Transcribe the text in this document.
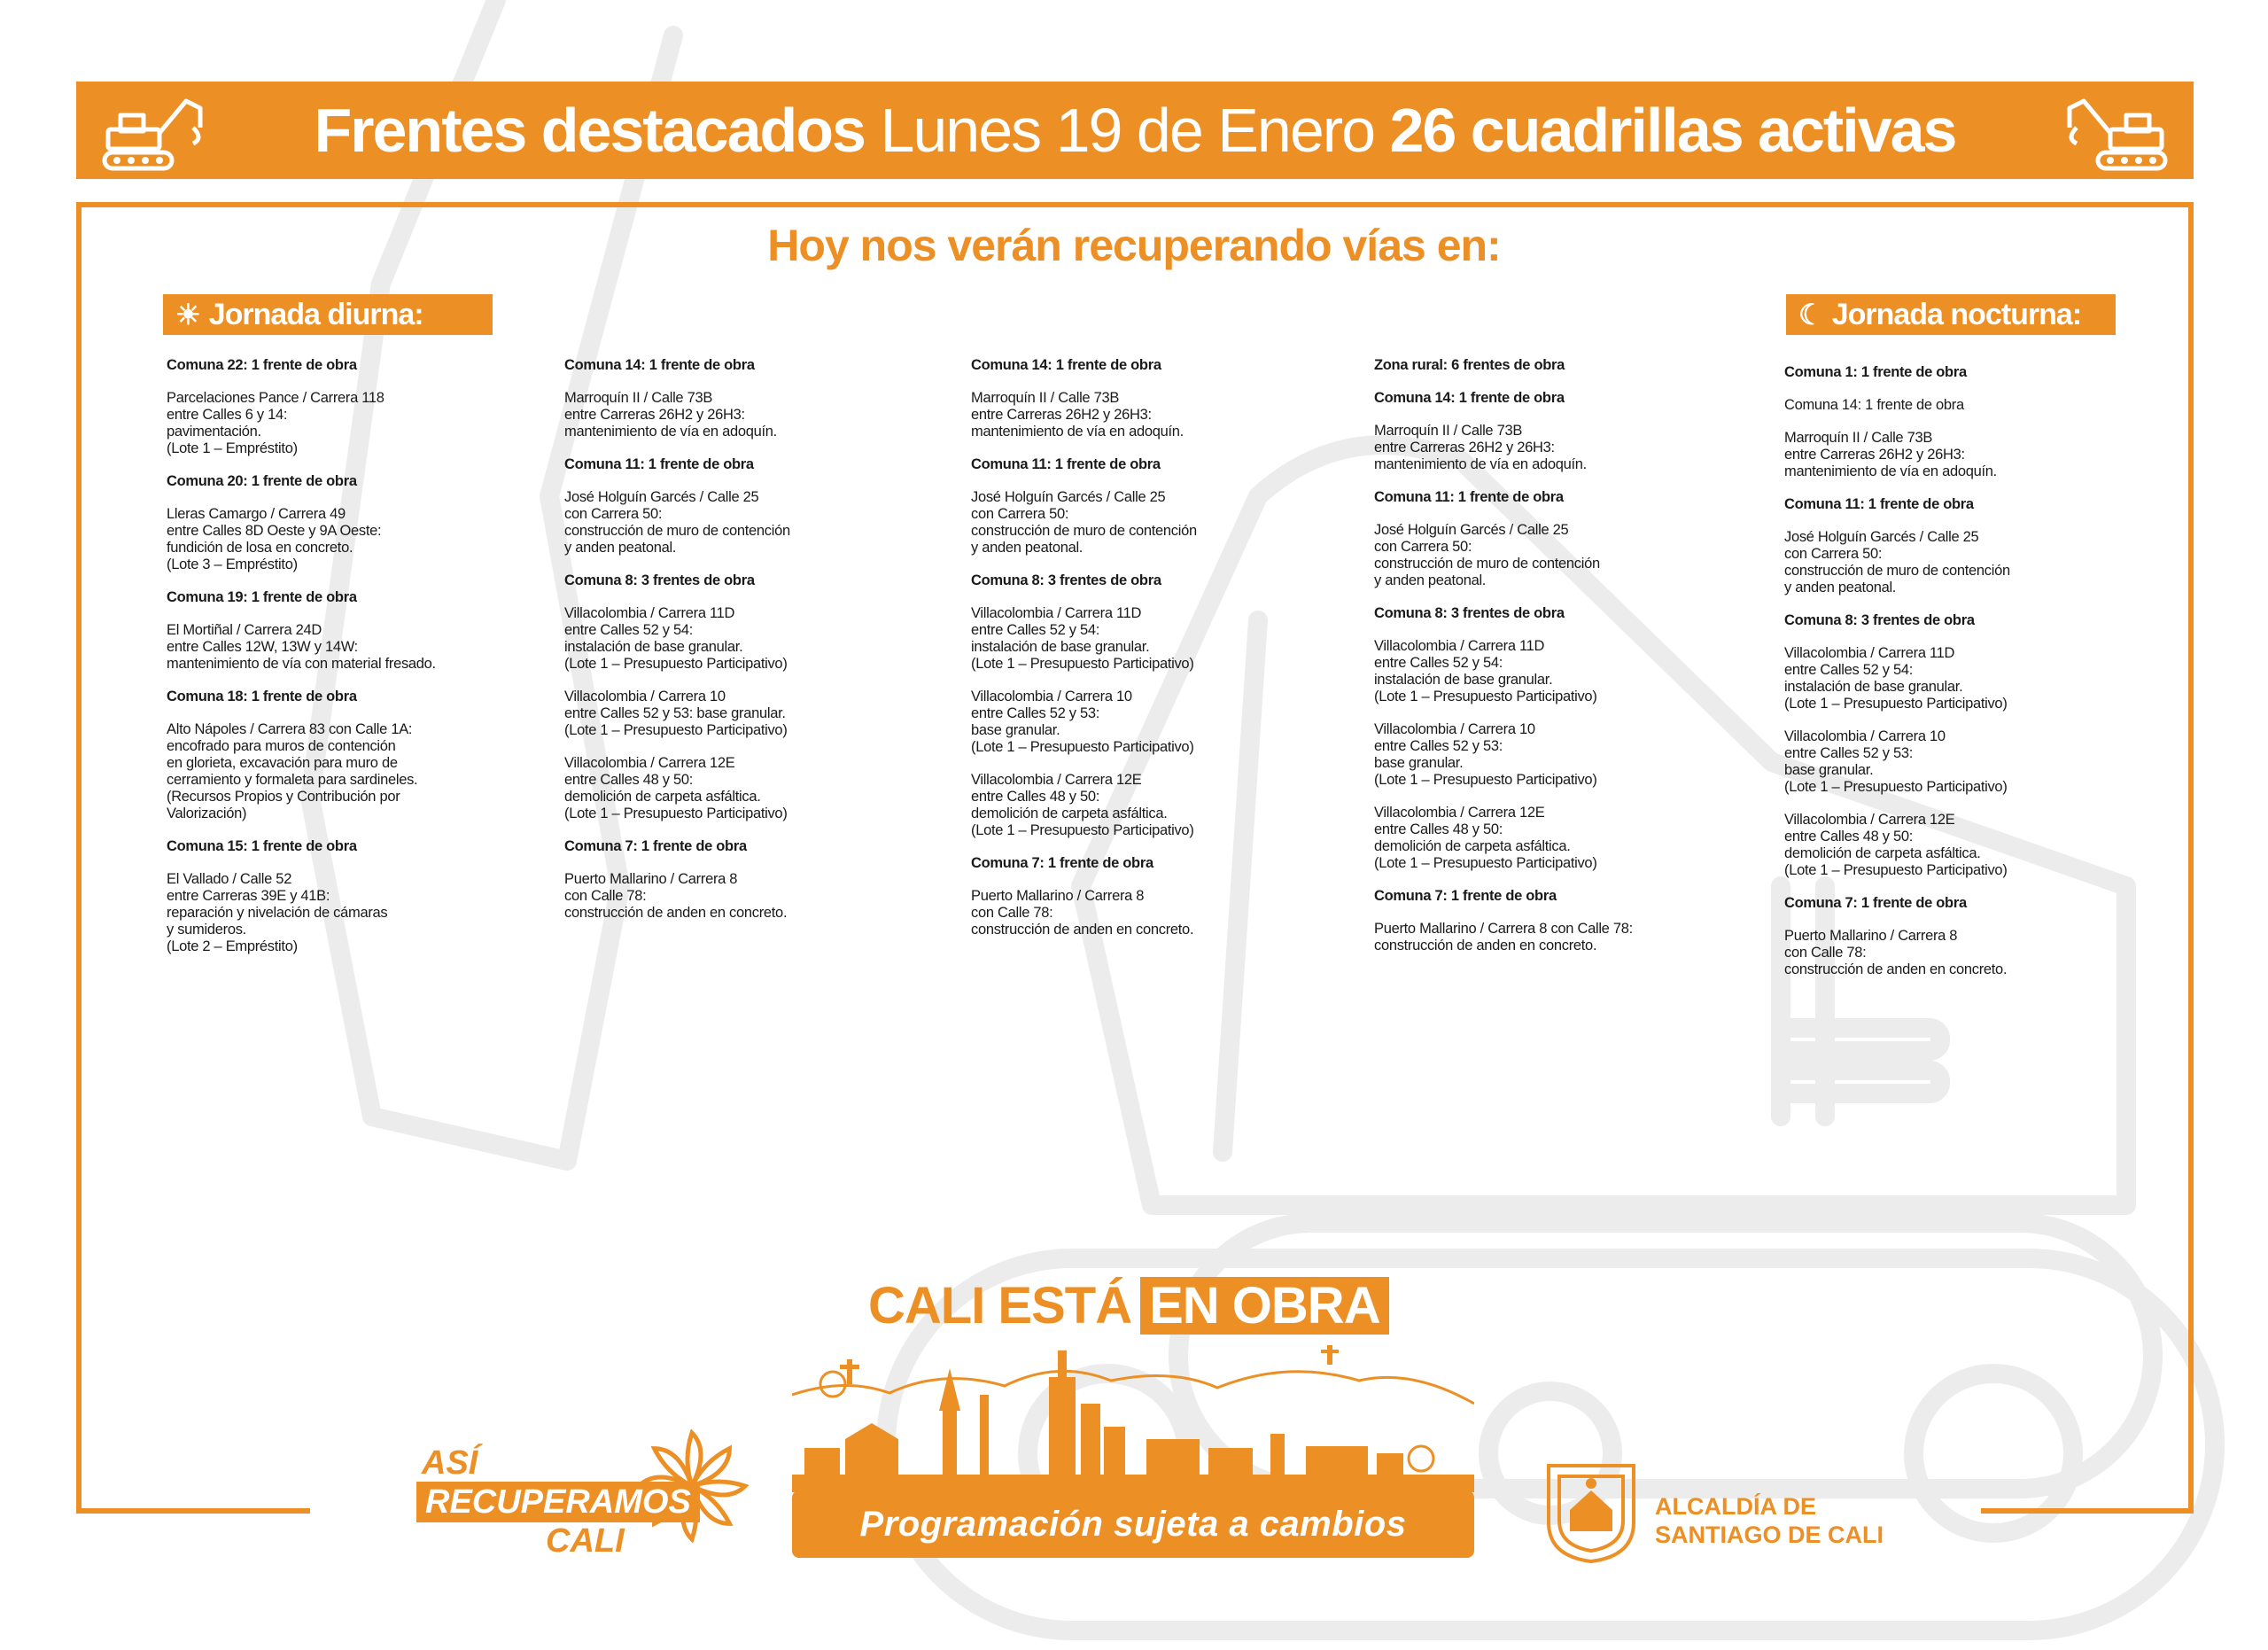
Frentes destacados Lunes 19 de Enero 26 cuadrillas activas
Hoy nos verán recuperando vías en:
☀ Jornada diurna:	☾ Jornada nocturna:
Comuna 22: 1 frente de obra
Parcelaciones Pance / Carrera 118
entre Calles 6 y 14:
pavimentación.
(Lote 1 – Empréstito)
Comuna 20: 1 frente de obra
Lleras Camargo / Carrera 49
entre Calles 8D Oeste y 9A Oeste:
fundición de losa en concreto.
(Lote 3 – Empréstito)
Comuna 19: 1 frente de obra
El Mortiñal / Carrera 24D
entre Calles 12W, 13W y 14W:
mantenimiento de vía con material fresado.
Comuna 18: 1 frente de obra
Alto Nápoles / Carrera 83 con Calle 1A:
encofrado para muros de contención
en glorieta, excavación para muro de
cerramiento y formaleta para sardineles.
(Recursos Propios y Contribución por
Valorización)
Comuna 15: 1 frente de obra
El Vallado / Calle 52
entre Carreras 39E y 41B:
reparación y nivelación de cámaras
y sumideros.
(Lote 2 – Empréstito)
Comuna 14: 1 frente de obra
Marroquín II / Calle 73B
entre Carreras 26H2 y 26H3:
mantenimiento de vía en adoquín.
Comuna 11: 1 frente de obra
José Holguín Garcés / Calle 25
con Carrera 50:
construcción de muro de contención
y anden peatonal.
Comuna 8: 3 frentes de obra
Villacolombia / Carrera 11D
entre Calles 52 y 54:
instalación de base granular.
(Lote 1 – Presupuesto Participativo)
Villacolombia / Carrera 10
entre Calles 52 y 53: base granular.
(Lote 1 – Presupuesto Participativo)
Villacolombia / Carrera 12E
entre Calles 48 y 50:
demolición de carpeta asfáltica.
(Lote 1 – Presupuesto Participativo)
Comuna 7: 1 frente de obra
Puerto Mallarino / Carrera 8
con Calle 78:
construcción de anden en concreto.
Comuna 14: 1 frente de obra
Marroquín II / Calle 73B
entre Carreras 26H2 y 26H3:
mantenimiento de vía en adoquín.
Comuna 11: 1 frente de obra
José Holguín Garcés / Calle 25
con Carrera 50:
construcción de muro de contención
y anden peatonal.
Comuna 8: 3 frentes de obra
Villacolombia / Carrera 11D
entre Calles 52 y 54:
instalación de base granular.
(Lote 1 – Presupuesto Participativo)
Villacolombia / Carrera 10
entre Calles 52 y 53:
base granular.
(Lote 1 – Presupuesto Participativo)
Villacolombia / Carrera 12E
entre Calles 48 y 50:
demolición de carpeta asfáltica.
(Lote 1 – Presupuesto Participativo)
Comuna 7: 1 frente de obra
Puerto Mallarino / Carrera 8
con Calle 78:
construcción de anden en concreto.
Zona rural: 6 frentes de obra
Comuna 14: 1 frente de obra
Marroquín II / Calle 73B
entre Carreras 26H2 y 26H3:
mantenimiento de vía en adoquín.
Comuna 11: 1 frente de obra
José Holguín Garcés / Calle 25
con Carrera 50:
construcción de muro de contención
y anden peatonal.
Comuna 8: 3 frentes de obra
Villacolombia / Carrera 11D
entre Calles 52 y 54:
instalación de base granular.
(Lote 1 – Presupuesto Participativo)
Villacolombia / Carrera 10
entre Calles 52 y 53:
base granular.
(Lote 1 – Presupuesto Participativo)
Villacolombia / Carrera 12E
entre Calles 48 y 50:
demolición de carpeta asfáltica.
(Lote 1 – Presupuesto Participativo)
Comuna 7: 1 frente de obra
Puerto Mallarino / Carrera 8 con Calle 78:
construcción de anden en concreto.
Comuna 1: 1 frente de obra
Comuna 14: 1 frente de obra
Marroquín II / Calle 73B
entre Carreras 26H2 y 26H3:
mantenimiento de vía en adoquín.
Comuna 11: 1 frente de obra
José Holguín Garcés / Calle 25
con Carrera 50:
construcción de muro de contención
y anden peatonal.
Comuna 8: 3 frentes de obra
Villacolombia / Carrera 11D
entre Calles 52 y 54:
instalación de base granular.
(Lote 1 – Presupuesto Participativo)
Villacolombia / Carrera 10
entre Calles 52 y 53:
base granular.
(Lote 1 – Presupuesto Participativo)
Villacolombia / Carrera 12E
entre Calles 48 y 50:
demolición de carpeta asfáltica.
(Lote 1 – Presupuesto Participativo)
Comuna 7: 1 frente de obra
Puerto Mallarino / Carrera 8
con Calle 78:
construcción de anden en concreto.
CALI ESTÁ EN OBRA
Programación sujeta a cambios
ASÍ
RECUPERAMOS
CALI
ALCALDÍA DE
SANTIAGO DE CALI
